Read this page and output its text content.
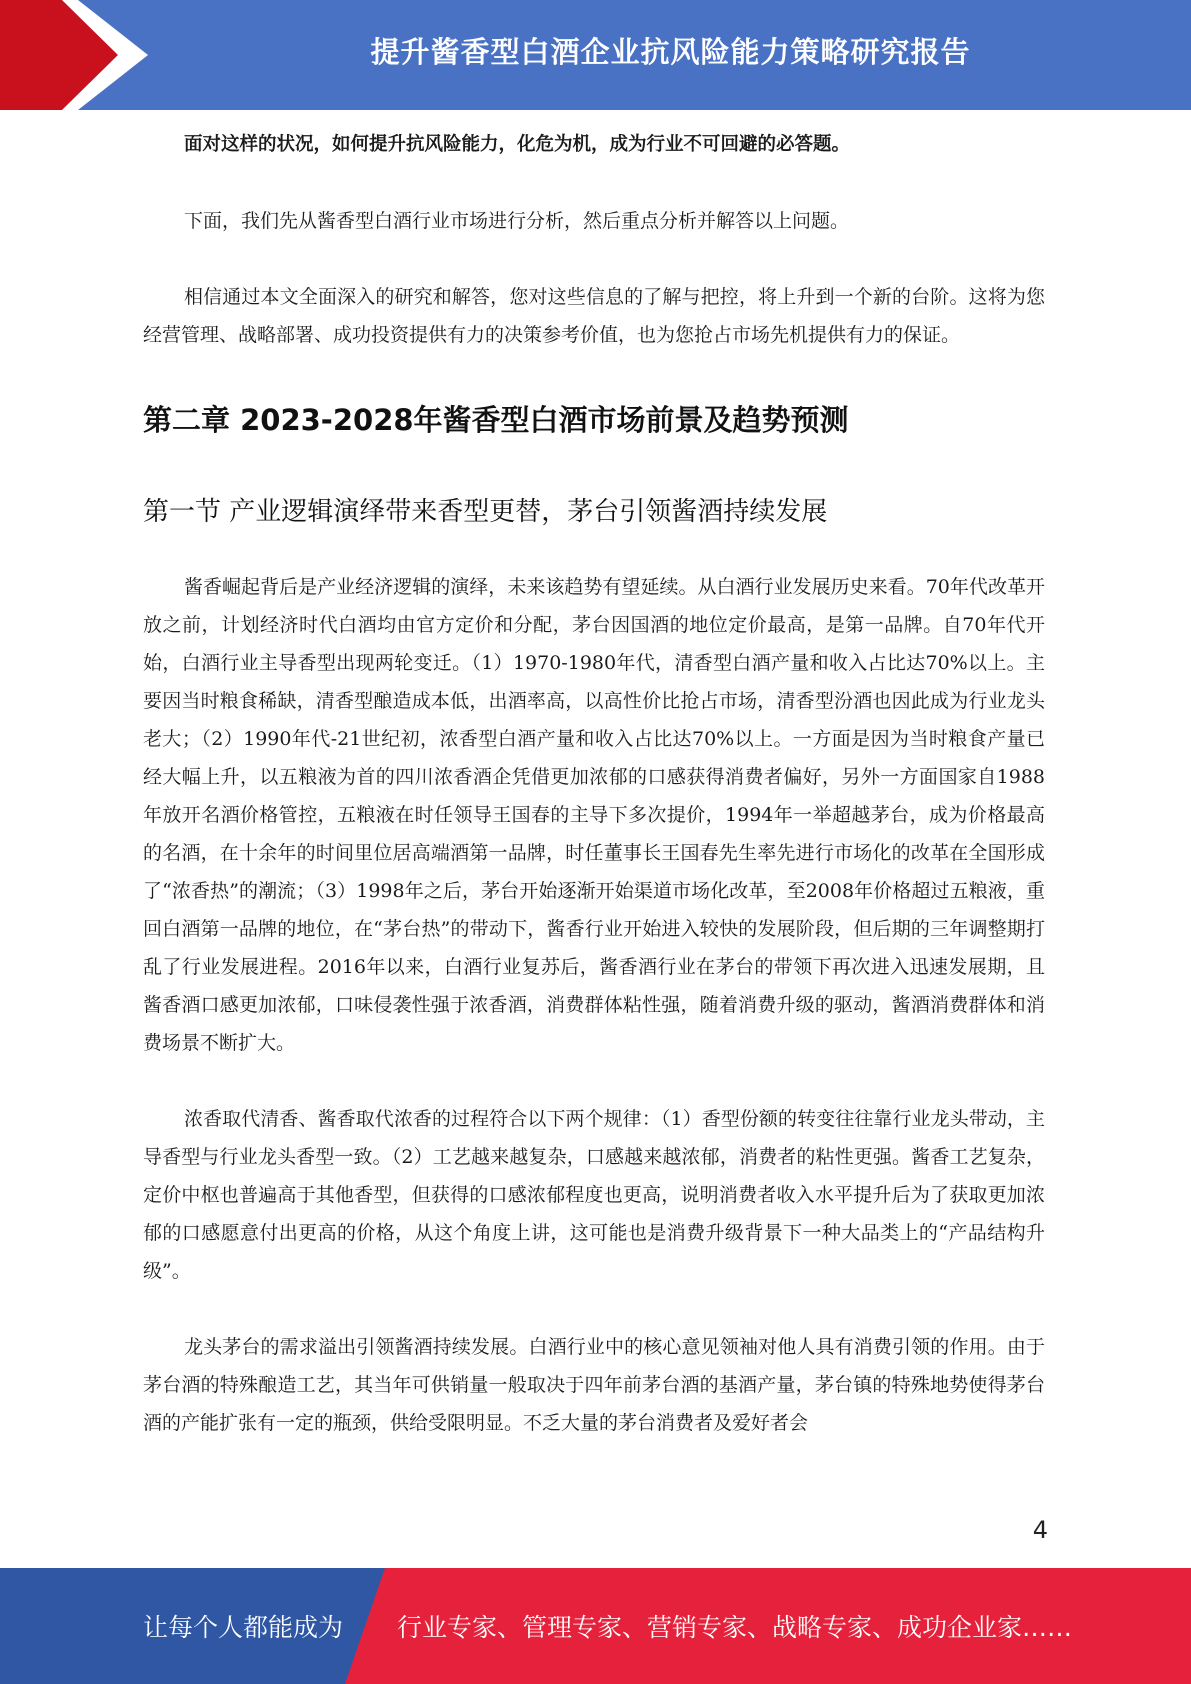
提升酱香型白酒企业抗风险能力策略研究报告

面对这样的状况，如何提升抗风险能力，化危为机，成为行业不可回避的必答题。

下面，我们先从酱香型白酒行业市场进行分析，然后重点分析并解答以上问题。

相信通过本文全面深入的研究和解答，您对这些信息的了解与把控，将上升到一个新的台阶。这将为您经营管理、战略部署、成功投资提供有力的决策参考价值，也为您抢占市场先机提供有力的保证。

第二章 2023-2028年酱香型白酒市场前景及趋势预测
第一节 产业逻辑演绎带来香型更替，茅台引领酱酒持续发展

酱香崛起背后是产业经济逻辑的演绎，未来该趋势有望延续。从白酒行业发展历史来看。70年代改革开放之前，计划经济时代白酒均由官方定价和分配，茅台因国酒的地位定价最高，是第一品牌。自70年代开始，白酒行业主导香型出现两轮变迁。（1）1970-1980年代，清香型白酒产量和收入占比达70%以上。主要因当时粮食稀缺，清香型酿造成本低，出酒率高，以高性价比抢占市场，清香型汾酒也因此成为行业龙头老大；（2）1990年代-21世纪初，浓香型白酒产量和收入占比达70%以上。一方面是因为当时粮食产量已经大幅上升，以五粮液为首的四川浓香酒企凭借更加浓郁的口感获得消费者偏好，另外一方面国家自1988年放开名酒价格管控，五粮液在时任领导王国春的主导下多次提价，1994年一举超越茅台，成为价格最高的名酒，在十余年的时间里位居高端酒第一品牌，时任董事长王国春先生率先进行市场化的改革在全国形成了“浓香热”的潮流；（3）1998年之后，茅台开始逐渐开始渠道市场化改革，至2008年价格超过五粮液，重回白酒第一品牌的地位，在“茅台热”的带动下，酱香行业开始进入较快的发展阶段，但后期的三年调整期打乱了行业发展进程。2016年以来，白酒行业复苏后，酱香酒行业在茅台的带领下再次进入迅速发展期，且酱香酒口感更加浓郁，口味侵袭性强于浓香酒，消费群体粘性强，随着消费升级的驱动，酱酒消费群体和消费场景不断扩大。

浓香取代清香、酱香取代浓香的过程符合以下两个规律：（1）香型份额的转变往往靠行业龙头带动，主导香型与行业龙头香型一致。（2）工艺越来越复杂，口感越来越浓郁，消费者的粘性更强。酱香工艺复杂，定价中枢也普遍高于其他香型，但获得的口感浓郁程度也更高，说明消费者收入水平提升后为了获取更加浓郁的口感愿意付出更高的价格，从这个角度上讲，这可能也是消费升级背景下一种大品类上的“产品结构升级”。

龙头茅台的需求溢出引领酱酒持续发展。白酒行业中的核心意见领袖对他人具有消费引领的作用。由于茅台酒的特殊酿造工艺，其当年可供销量一般取决于四年前茅台酒的基酒产量，茅台镇的特殊地势使得茅台酒的产能扩张有一定的瓶颈，供给受限明显。不乏大量的茅台消费者及爱好者会

4
让每个人都能成为	行业专家、管理专家、营销专家、战略专家、成功企业家……
